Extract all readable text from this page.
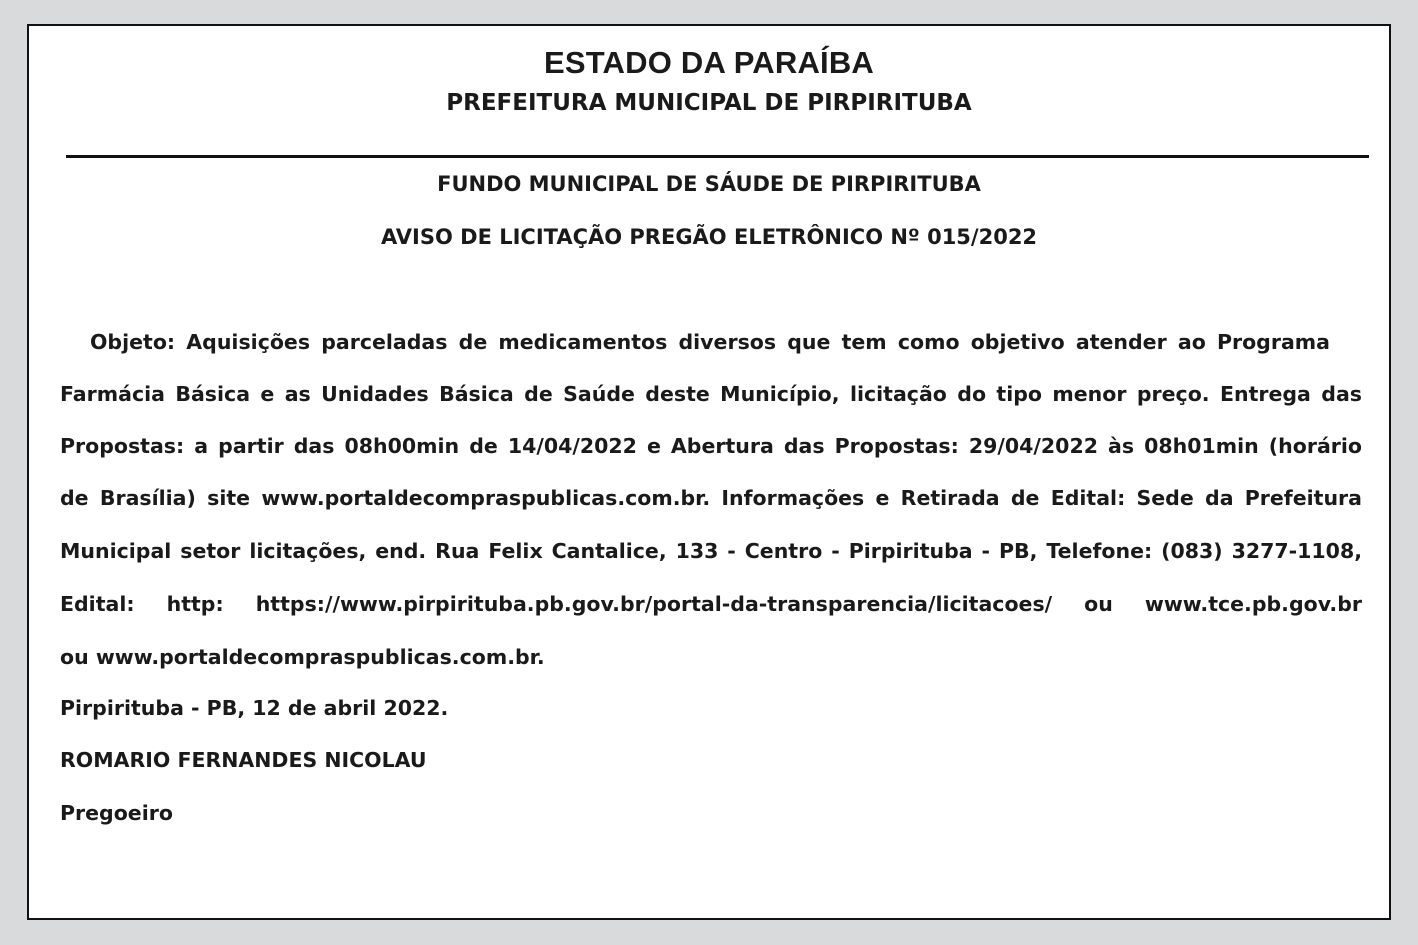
ESTADO DA PARAÍBA
PREFEITURA MUNICIPAL DE PIRPIRITUBA
FUNDO MUNICIPAL DE SÁUDE DE PIRPIRITUBA
AVISO DE LICITAÇÃO PREGÃO ELETRÔNICO Nº 015/2022
Objeto: Aquisições parceladas de medicamentos diversos que tem como objetivo atender ao Programa
Farmácia Básica e as Unidades Básica de Saúde deste Município, licitação do tipo menor preço. Entrega das
Propostas: a partir das 08h00min de 14/04/2022 e Abertura das Propostas: 29/04/2022 às 08h01min (horário
de Brasília) site www.portaldecompraspublicas.com.br. Informações e Retirada de Edital: Sede da Prefeitura
Municipal setor licitações, end. Rua Felix Cantalice, 133 - Centro - Pirpirituba - PB, Telefone: (083) 3277-1108,
Edital: http: https://www.pirpirituba.pb.gov.br/portal-da-transparencia/licitacoes/ ou www.tce.pb.gov.br
ou www.portaldecompraspublicas.com.br.
Pirpirituba - PB, 12 de abril 2022.
ROMARIO FERNANDES NICOLAU
Pregoeiro
